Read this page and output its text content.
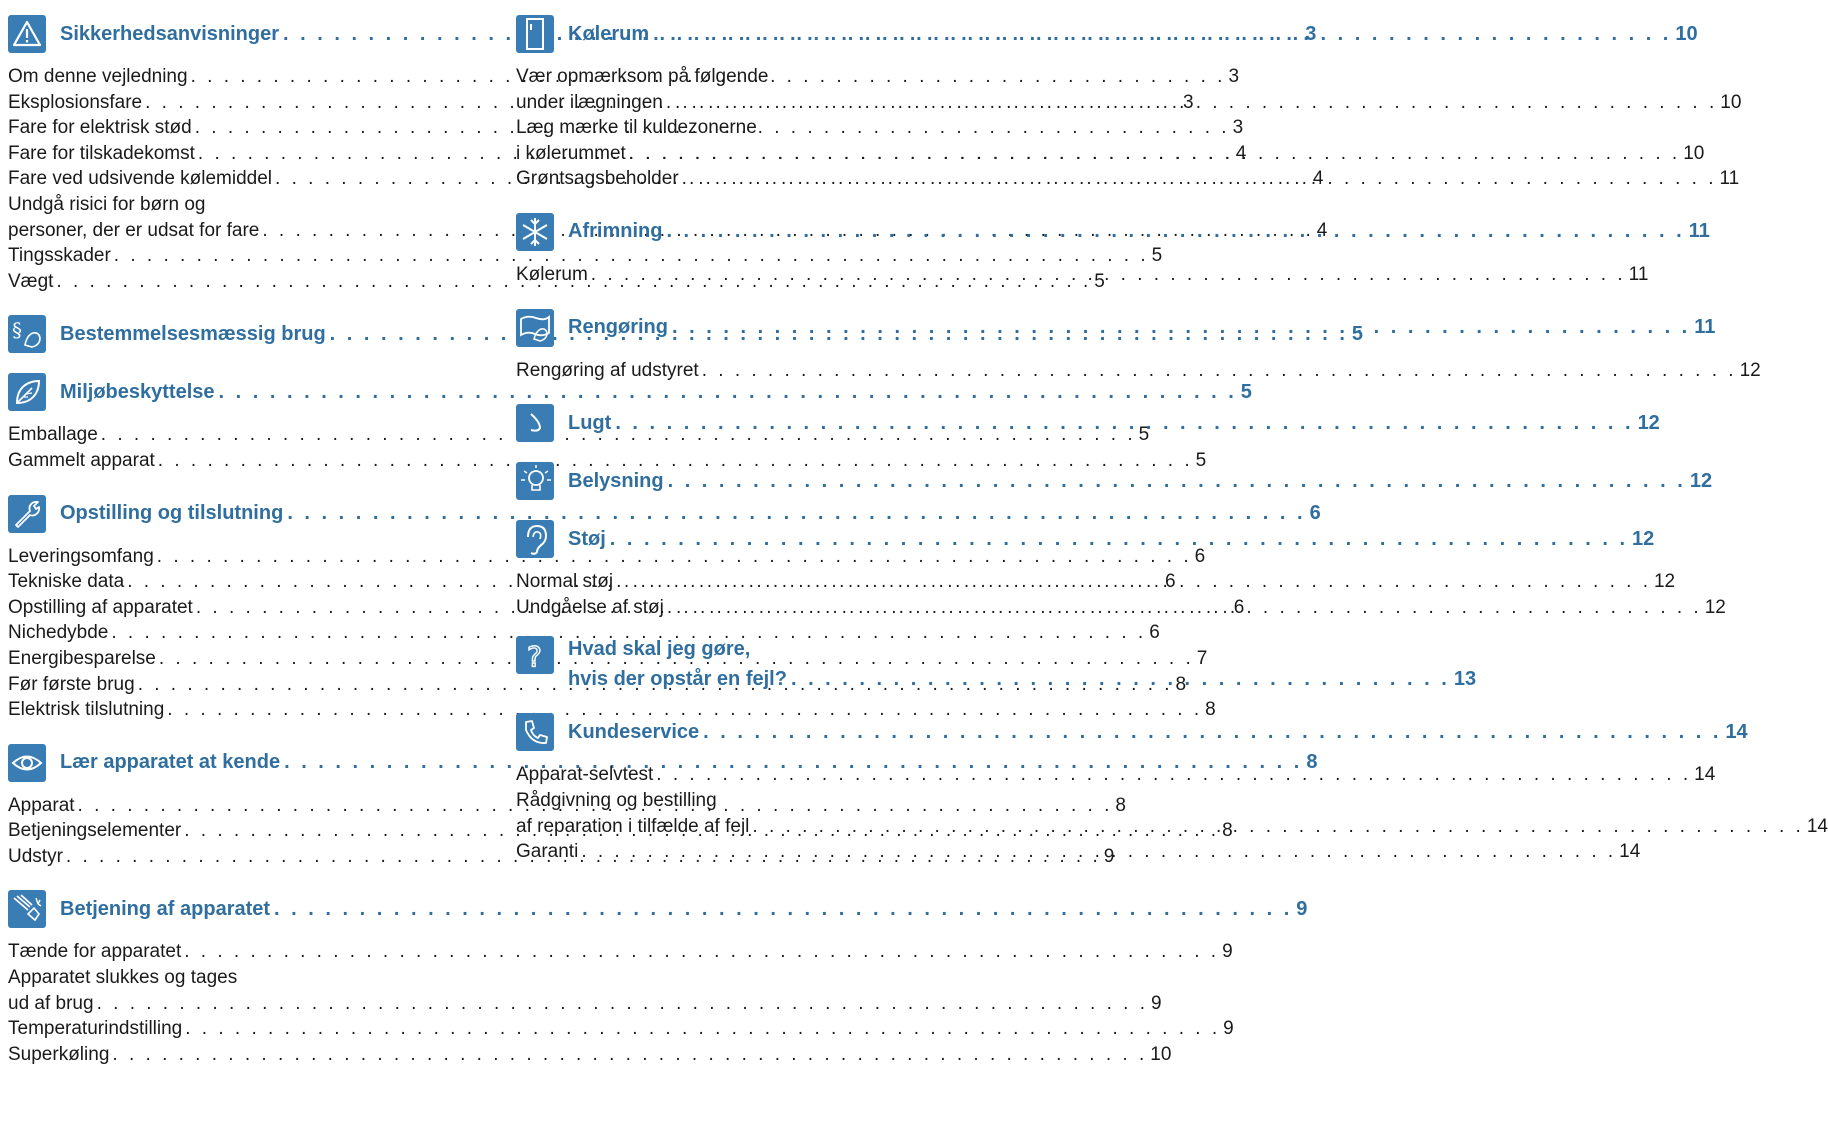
Sikkerhedsanvisninger . . .	3
Om denne vejledning . . .	3
Eksplosionsfare . . .	3
Fare for elektrisk stød . . .	3
Fare for tilskadekomst . . .	4
Fare ved udsivende kølemiddel . . .	4
Undgå risici for børn og
personer, der er udsat for fare . . .	4
Tingsskader . . .	5
Vægt . . .	5
§ Bestemmelsesmæssig brug . . .	5
Miljøbeskyttelse . . .	5
Emballage . . .	5
Gammelt apparat . . .	5
Opstilling og tilslutning . . .	6
Leveringsomfang . . .	6
Tekniske data . . .	6
Opstilling af apparatet . . .	6
Nichedybde . . .	6
Energibesparelse . . .	7
Før første brug . . .	8
Elektrisk tilslutning . . .	8
Lær apparatet at kende . . .	8
Apparat . . .	8
Betjeningselementer . . .	8
Udstyr . . .	9
Betjening af apparatet . . .	9
Tænde for apparatet . . .	9
Apparatet slukkes og tages
ud af brug . . .	9
Temperaturindstilling . . .	9
Superkøling . . .	10
Kølerum . . .	10
Vær opmærksom på følgende
under ilægningen . . .	10
Læg mærke til kuldezonerne
i kølerummet . . .	10
Grøntsagsbeholder . . .	11
Afrimning . . .	11
Kølerum . . .	11
Rengøring . . .	11
Rengøring af udstyret . . .	12
Lugt . . .	12
Belysning . . .	12
Støj . . .	12
Normal støj . . .	12
Undgåelse af støj . . .	12
? Hvad skal jeg gøre,
hvis der opstår en fejl? . . .	13
Kundeservice . . .	14
Apparat-selvtest . . .	14
Rådgivning og bestilling
af reparation i tilfælde af fejl . . .	14
Garanti . . .	14
